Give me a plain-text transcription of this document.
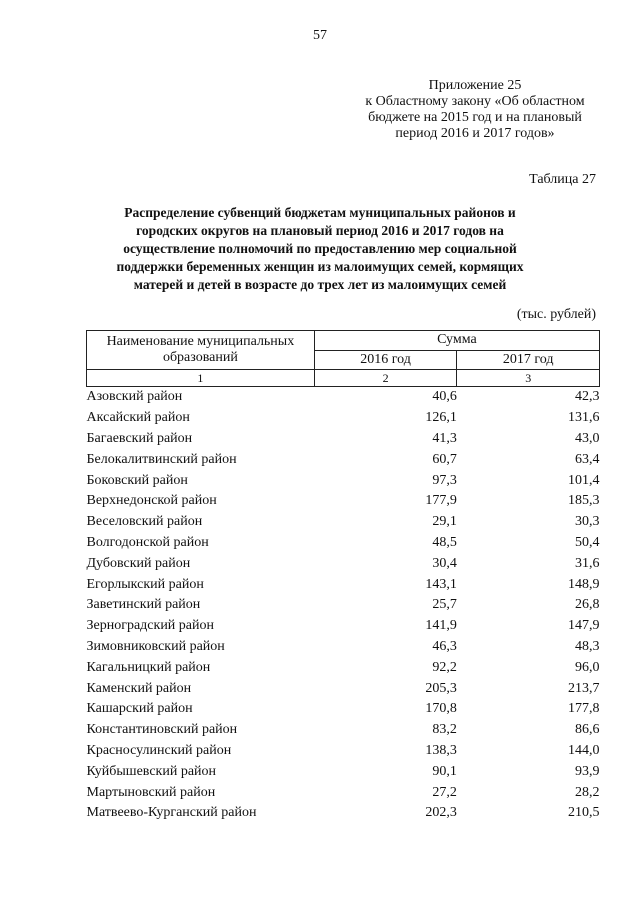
57
Приложение 25
к Областному закону «Об областном
бюджете на 2015 год и на плановый
период 2016 и 2017 годов»
Таблица 27
Распределение субвенций бюджетам муниципальных районов и
городских округов на плановый период 2016 и 2017 годов на
осуществление полномочий по предоставлению мер социальной
поддержки беременных женщин из малоимущих семей, кормящих
матерей и детей в возрасте до трех лет из малоимущих семей
(тыс. рублей)
Наименование муниципальных образований	Сумма	
	2016 год	2017 год
1	2	3
Азовский район	40,6	42,3
Аксайский район	126,1	131,6
Багаевский район	41,3	43,0
Белокалитвинский район	60,7	63,4
Боковский район	97,3	101,4
Верхнедонской район	177,9	185,3
Веселовский район	29,1	30,3
Волгодонской район	48,5	50,4
Дубовский район	30,4	31,6
Егорлыкский район	143,1	148,9
Заветинский район	25,7	26,8
Зерноградский район	141,9	147,9
Зимовниковский район	46,3	48,3
Кагальницкий район	92,2	96,0
Каменский район	205,3	213,7
Кашарский район	170,8	177,8
Константиновский район	83,2	86,6
Красносулинский район	138,3	144,0
Куйбышевский район	90,1	93,9
Мартыновский район	27,2	28,2
Матвеево-Курганский район	202,3	210,5
